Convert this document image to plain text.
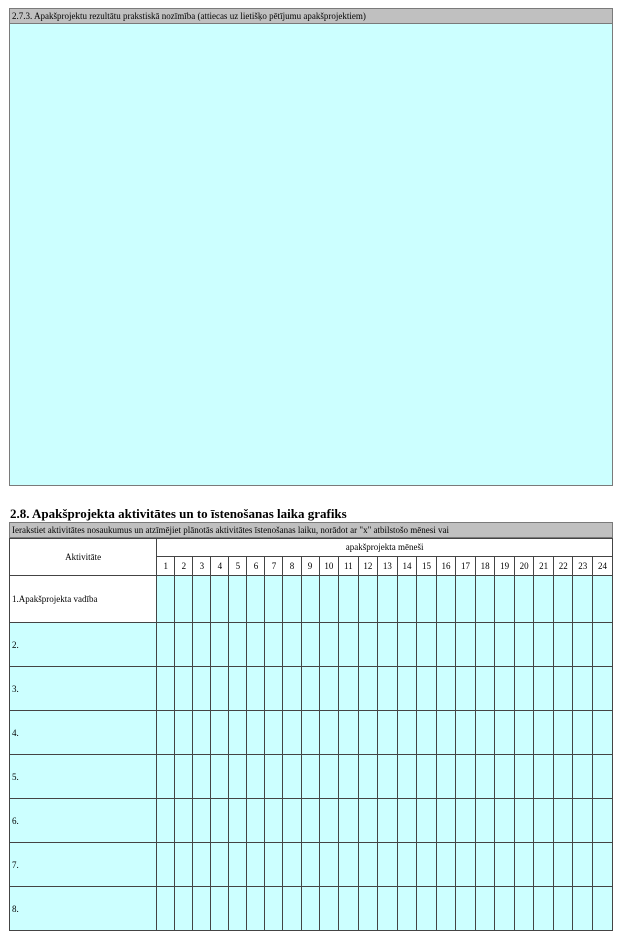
2.7.3. Apakšprojektu rezultātu prakstiskā nozīmība (attiecas uz lietišķo pētījumu apakšprojektiem)
2.8. Apakšprojekta aktivitātes un to īstenošanas laika grafiks
Ierakstiet aktivitātes nosaukumus un atzīmējiet plānotās aktivitātes īstenošanas laiku, norādot ar "x" atbilstošo mēnesi vai
Aktivitāte	apakšprojekta mēneši																							
	1	2	3	4	5	6	7	8	9	10	11	12	13	14	15	16	17	18	19	20	21	22	23	24
1.Apakšprojekta vadība																								
2.																								
3.																								
4.																								
5.																								
6.																								
7.																								
8.																								
